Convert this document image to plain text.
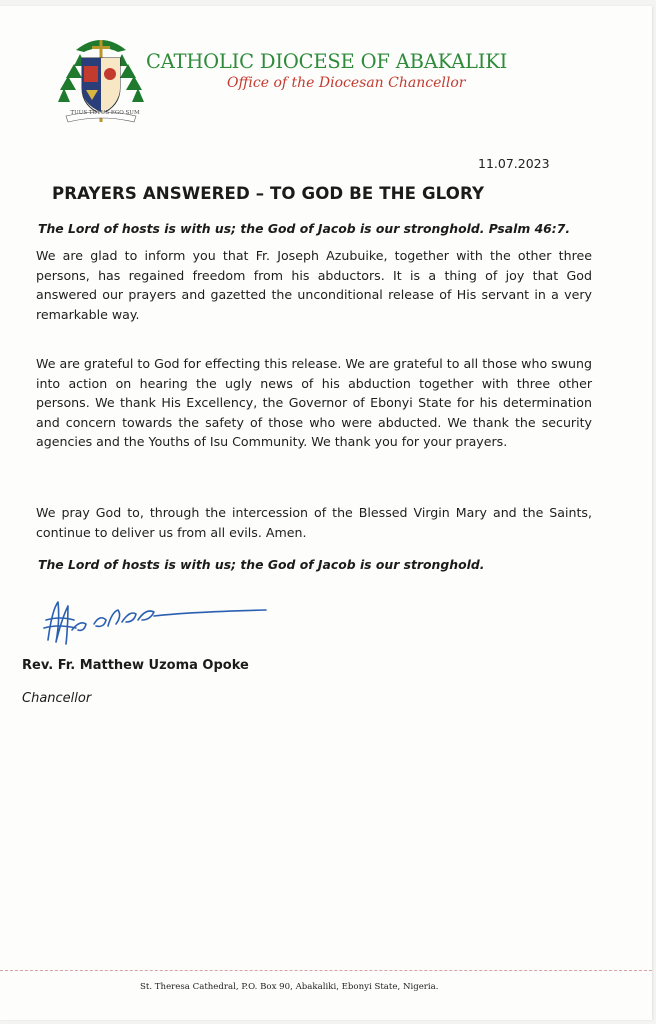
TUUS TOTUS EGO SUM
CATHOLIC DIOCESE OF ABAKALIKI
Office of the Diocesan Chancellor
11.07.2023
PRAYERS ANSWERED – TO GOD BE THE GLORY
The Lord of hosts is with us; the God of Jacob is our stronghold. Psalm 46:7.
We are glad to inform you that Fr. Joseph Azubuike, together with the other three persons, has regained freedom from his abductors. It is a thing of joy that God answered our prayers and gazetted the unconditional release of His servant in a very remarkable way.
We are grateful to God for effecting this release. We are grateful to all those who swung into action on hearing the ugly news of his abduction together with three other persons. We thank His Excellency, the Governor of Ebonyi State for his determination and concern towards the safety of those who were abducted. We thank the security agencies and the Youths of Isu Community. We thank you for your prayers.
We pray God to, through the intercession of the Blessed Virgin Mary and the Saints, continue to deliver us from all evils. Amen.
The Lord of hosts is with us; the God of Jacob is our stronghold.
Rev. Fr. Matthew Uzoma Opoke
Chancellor
St. Theresa Cathedral, P.O. Box 90, Abakaliki, Ebonyi State, Nigeria.
